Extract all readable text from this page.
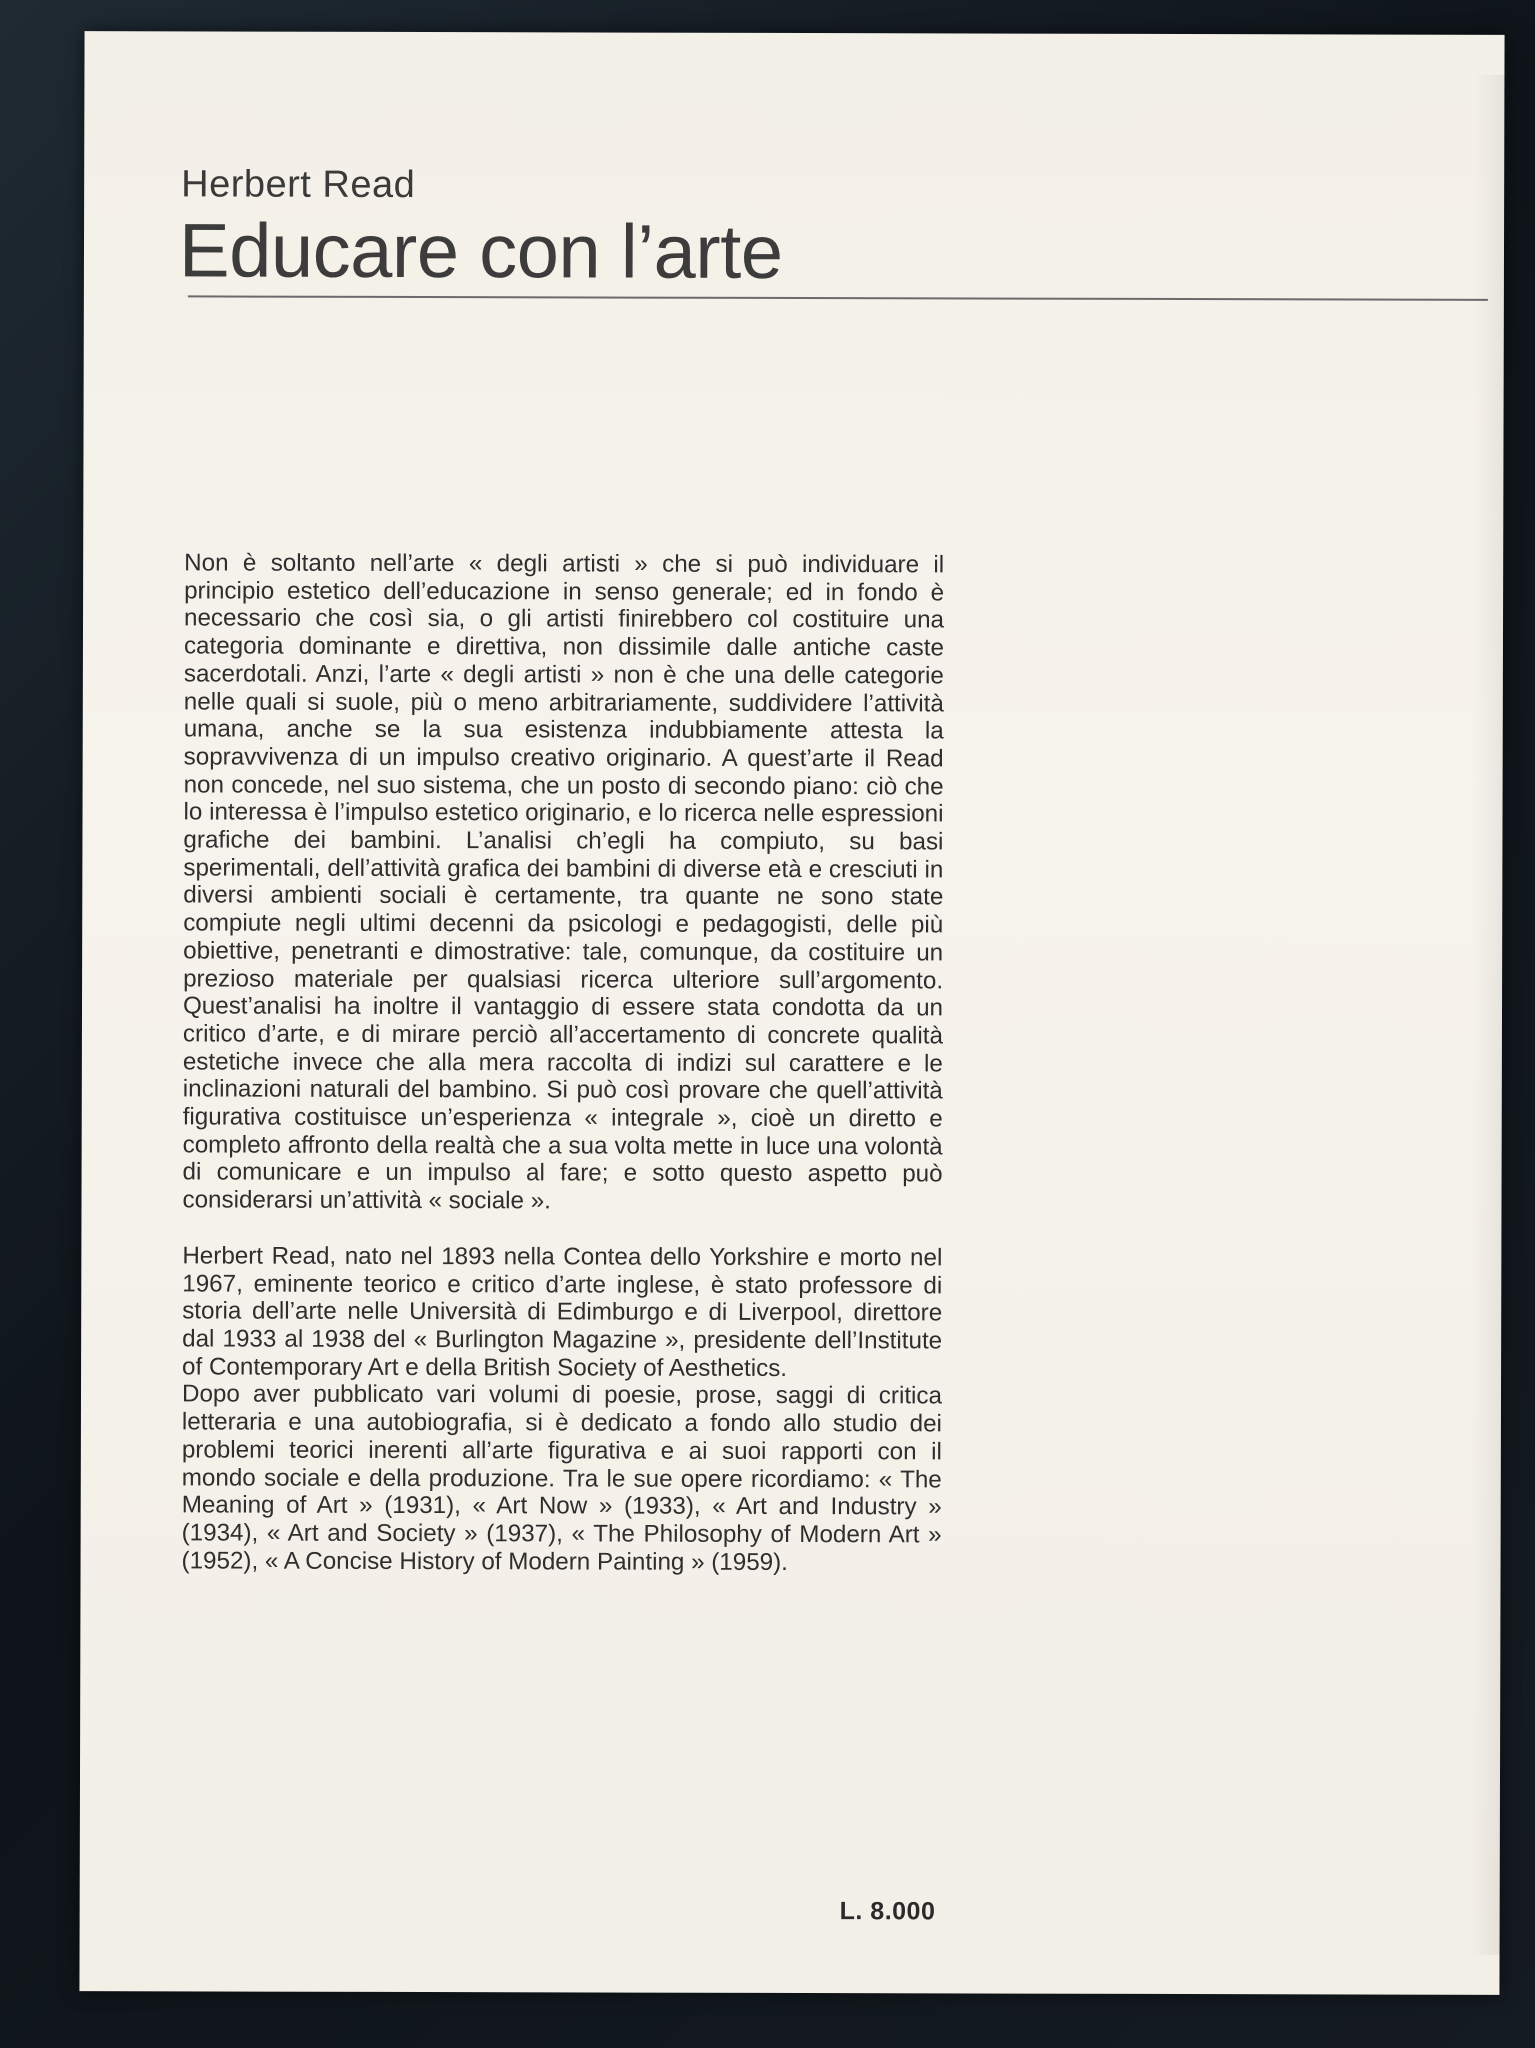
Herbert Read
Educare con l’arte

Non è soltanto nell’arte « degli artisti » che si può individuare il principio estetico dell’educazione in senso generale; ed in fondo è necessario che così sia, o gli artisti finirebbero col costituire una categoria dominante e direttiva, non dissimile dalle antiche caste sacerdotali. Anzi, l’arte « degli artisti » non è che una delle categorie nelle quali si suole, più o meno arbitrariamente, suddividere l’attività umana, anche se la sua esistenza indubbiamente attesta la sopravvivenza di un impulso creativo originario. A quest’arte il Read non concede, nel suo sistema, che un posto di secondo piano: ciò che lo interessa è l’impulso estetico originario, e lo ricerca nelle espressioni grafiche dei bambini. L’analisi ch’egli ha compiuto, su basi sperimentali, dell’attività grafica dei bambini di diverse età e cresciuti in diversi ambienti sociali è certamente, tra quante ne sono state compiute negli ultimi decenni da psicologi e pedagogisti, delle più obiettive, penetranti e dimostrative: tale, comunque, da costituire un prezioso materiale per qualsiasi ricerca ulteriore sull’argomento. Quest’analisi ha inoltre il vantaggio di essere stata condotta da un critico d’arte, e di mirare perciò all’accertamento di concrete qualità estetiche invece che alla mera raccolta di indizi sul carattere e le inclinazioni naturali del bambino. Si può così provare che quell’attività figurativa costituisce un’esperienza « integrale », cioè un diretto e completo affronto della realtà che a sua volta mette in luce una volontà di comunicare e un impulso al fare; e sotto questo aspetto può considerarsi un’attività « sociale ».

Herbert Read, nato nel 1893 nella Contea dello Yorkshire e morto nel 1967, eminente teorico e critico d’arte inglese, è stato professore di storia dell’arte nelle Università di Edimburgo e di Liverpool, direttore dal 1933 al 1938 del « Burlington Magazine », presidente dell’Institute of Contemporary Art e della British Society of Aesthetics.

Dopo aver pubblicato vari volumi di poesie, prose, saggi di critica letteraria e una autobiografia, si è dedicato a fondo allo studio dei problemi teorici inerenti all’arte figurativa e ai suoi rapporti con il mondo sociale e della produzione. Tra le sue opere ricordiamo: « The Meaning of Art » (1931), « Art Now » (1933), « Art and Industry » (1934), « Art and Society » (1937), « The Philosophy of Modern Art » (1952), « A Concise History of Modern Painting » (1959).

L. 8.000
